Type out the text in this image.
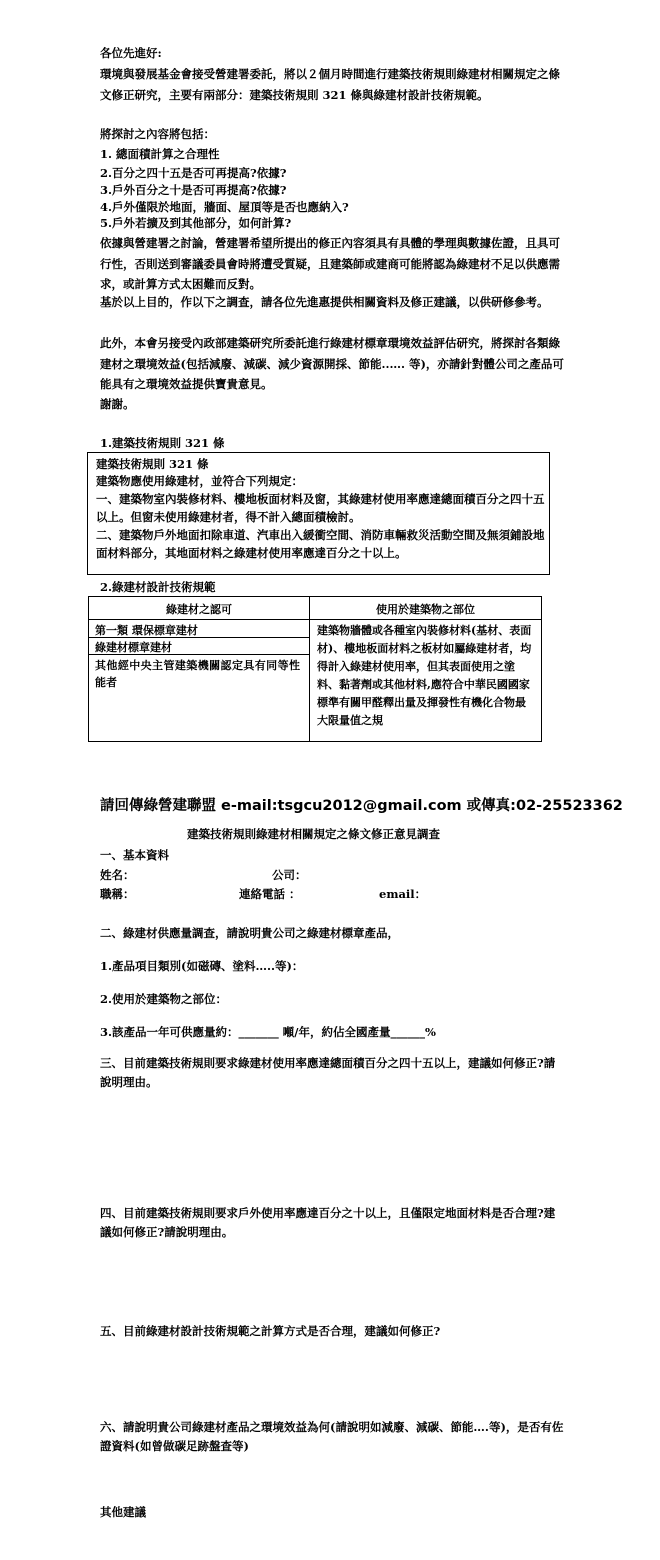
各位先進好:
環境與發展基金會接受營建署委託，將以２個月時間進行建築技術規則綠建材相關規定之條文修正研究，主要有兩部分：建築技術規則 321 條與綠建材設計技術規範。
將探討之內容將包括：
1. 總面積計算之合理性
2.百分之四十五是否可再提高?依據?
3.戶外百分之十是否可再提高?依據?
4.戶外僅限於地面，牆面、屋頂等是否也應納入?
5.戶外若擴及到其他部分，如何計算?
依據與營建署之討論，營建署希望所提出的修正內容須具有具體的學理與數據佐證，且具可行性，否則送到審議委員會時將遭受質疑，且建築師或建商可能將認為綠建材不足以供應需求，或計算方式太困難而反對。
基於以上目的，作以下之調查，請各位先進惠提供相關資料及修正建議，以供研修參考。
此外，本會另接受內政部建築研究所委託進行綠建材標章環境效益評估研究，將探討各類綠建材之環境效益(包括減廢、減碳、減少資源開採、節能..…. 等)，亦請針對體公司之產品可能具有之環境效益提供寶貴意見。
謝謝。
1.建築技術規則 321 條
建築技術規則 321 條
建築物應使用綠建材，並符合下列規定：
一、建築物室內裝修材料、樓地板面材料及窗，其綠建材使用率應達總面積百分之四十五以上。但窗未使用綠建材者，得不計入總面積檢討。
二、建築物戶外地面扣除車道、汽車出入緩衝空間、消防車輛救災活動空間及無須鋪設地面材料部分，其地面材料之綠建材使用率應達百分之十以上。
2.綠建材設計技術規範
綠建材之認可	使用於建築物之部位
第一類 環保標章建材
綠建材標章建材
其他經中央主管建築機關認定具有同等性能者
建築物牆體或各種室內裝修材料(基材、表面材)、樓地板面材料之板材如屬綠建材者，均得計入綠建材使用率，但其表面使用之塗料、黏著劑或其他材料,應符合中華民國國家標準有關甲醛釋出量及揮發性有機化合物最大限量值之規
請回傳綠營建聯盟 e-mail:tsgcu2012@gmail.com 或傳真:02-25523362
建築技術規則綠建材相關規定之條文修正意見調查
一、基本資料
姓名：	公司：
職稱：	連絡電話 ：	email：
二、綠建材供應量調查，請說明貴公司之綠建材標章產品，
1.產品項目類別(如磁磚、塗料…..等)：
2.使用於建築物之部位：
3.該產品一年可供應量約：_______ 噸/年，約佔全國產量______%
三、目前建築技術規則要求綠建材使用率應達總面積百分之四十五以上，建議如何修正?請說明理由。
四、目前建築技術規則要求戶外使用率應達百分之十以上，且僅限定地面材料是否合理?建議如何修正?請說明理由。
五、目前綠建材設計技術規範之計算方式是否合理，建議如何修正?
六、請說明貴公司綠建材產品之環境效益為何(請說明如減廢、減碳、節能….等)，是否有佐證資料(如曾做碳足跡盤查等)
其他建議
